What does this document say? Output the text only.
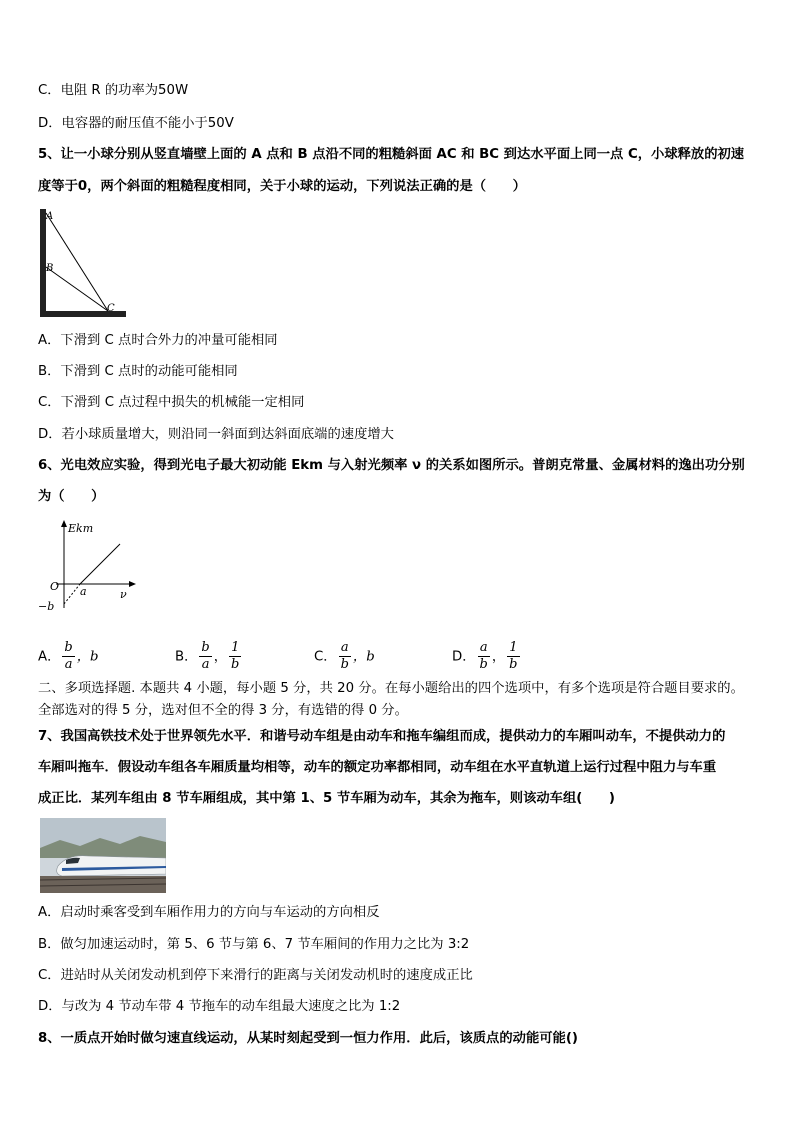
C．电阻 R 的功率为50W
D．电容器的耐压值不能小于50V
5、让一小球分别从竖直墙壁上面的 A 点和 B 点沿不同的粗糙斜面 AC 和 BC 到达水平面上同一点 C，小球释放的初速
度等于0，两个斜面的粗糙程度相同，关于小球的运动，下列说法正确的是（　　）
A
B
C
A．下滑到 C 点时合外力的冲量可能相同
B．下滑到 C 点时的动能可能相同
C．下滑到 C 点过程中损失的机械能一定相同
D．若小球质量增大，则沿同一斜面到达斜面底端的速度增大
6、光电效应实验，得到光电子最大初动能 Ekm 与入射光频率 ν 的关系如图所示。普朗克常量、金属材料的逸出功分别
为（　　）
Ekm
O a	ν
−b
A． $\frac{b}{a}$ ，b	B． $\frac{b}{a}$ ， $\frac{1}{b}$	C． $\frac{a}{b}$ ，b	D． $\frac{a}{b}$ ， $\frac{1}{b}$
二、多项选择题. 本题共 4 小题，每小题 5 分，共 20 分。在每小题给出的四个选项中，有多个选项是符合题目要求的。
全部选对的得 5 分，选对但不全的得 3 分，有选错的得 0 分。
7、我国高铁技术处于世界领先水平．和谐号动车组是由动车和拖车编组而成，提供动力的车厢叫动车，不提供动力的
车厢叫拖车．假设动车组各车厢质量均相等，动车的额定功率都相同，动车组在水平直轨道上运行过程中阻力与车重
成正比．某列车组由 8 节车厢组成，其中第 1、5 节车厢为动车，其余为拖车，则该动车组(　　)
A．启动时乘客受到车厢作用力的方向与车运动的方向相反
B．做匀加速运动时，第 5、6 节与第 6、7 节车厢间的作用力之比为 3:2
C．进站时从关闭发动机到停下来滑行的距离与关闭发动机时的速度成正比
D．与改为 4 节动车带 4 节拖车的动车组最大速度之比为 1:2
8、一质点开始时做匀速直线运动，从某时刻起受到一恒力作用．此后，该质点的动能可能()
